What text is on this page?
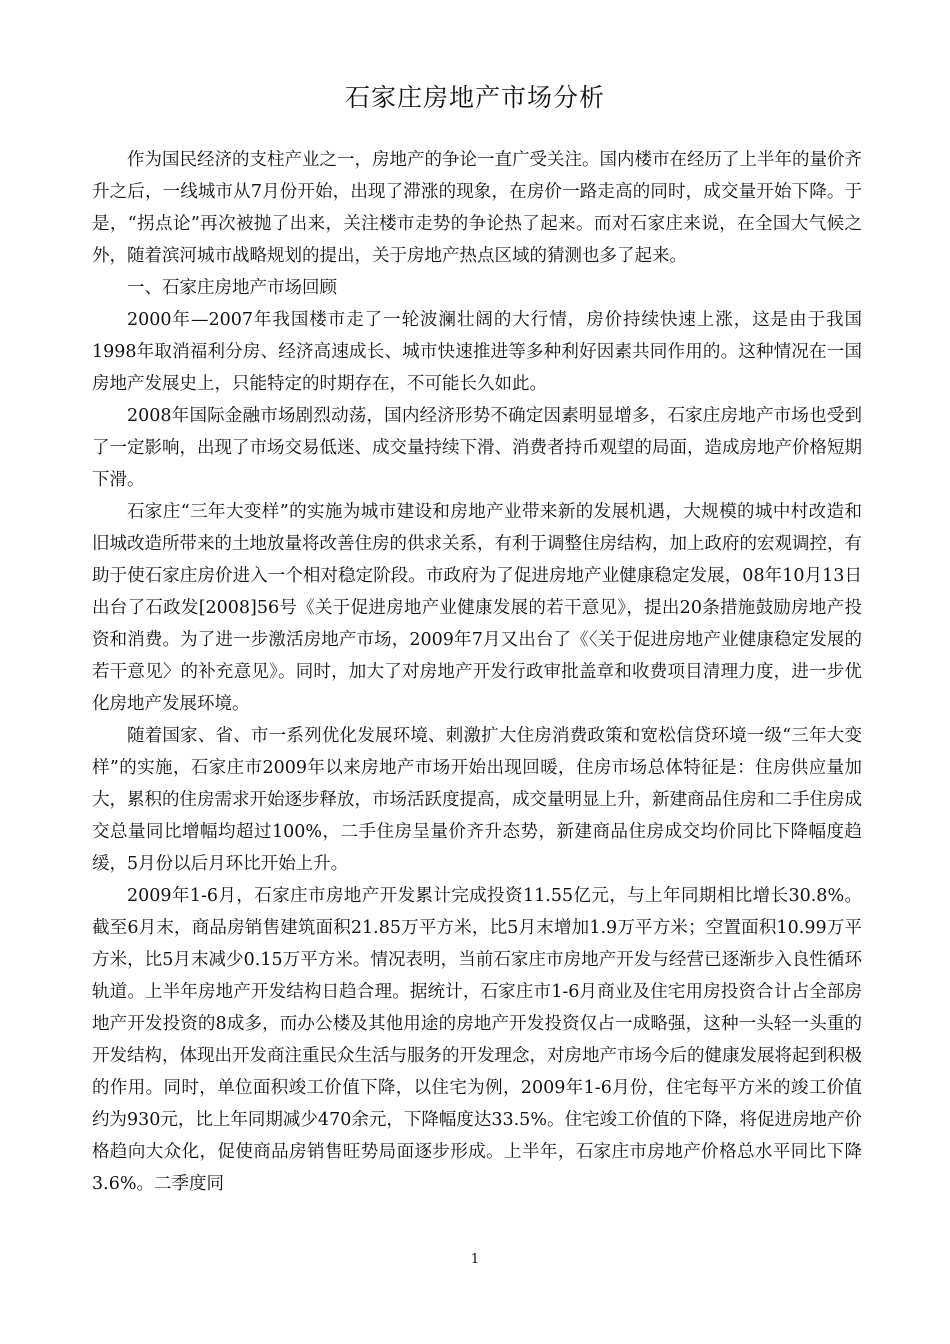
石家庄房地产市场分析

作为国民经济的支柱产业之一，房地产的争论一直广受关注。国内楼市在经历了上半年的量价齐升之后，一线城市从7月份开始，出现了滞涨的现象，在房价一路走高的同时，成交量开始下降。于是，“拐点论”再次被抛了出来，关注楼市走势的争论热了起来。而对石家庄来说，在全国大气候之外，随着滨河城市战略规划的提出，关于房地产热点区域的猜测也多了起来。

一、石家庄房地产市场回顾

2000年—2007年我国楼市走了一轮波澜壮阔的大行情，房价持续快速上涨，这是由于我国1998年取消福利分房、经济高速成长、城市快速推进等多种利好因素共同作用的。这种情况在一国房地产发展史上，只能特定的时期存在，不可能长久如此。

2008年国际金融市场剧烈动荡，国内经济形势不确定因素明显增多，石家庄房地产市场也受到了一定影响，出现了市场交易低迷、成交量持续下滑、消费者持币观望的局面，造成房地产价格短期下滑。

石家庄“三年大变样”的实施为城市建设和房地产业带来新的发展机遇，大规模的城中村改造和旧城改造所带来的土地放量将改善住房的供求关系，有利于调整住房结构，加上政府的宏观调控，有助于使石家庄房价进入一个相对稳定阶段。市政府为了促进房地产业健康稳定发展，08年10月13日出台了石政发[2008]56号《关于促进房地产业健康发展的若干意见》，提出20条措施鼓励房地产投资和消费。为了进一步激活房地产市场，2009年7月又出台了《〈关于促进房地产业健康稳定发展的若干意见〉的补充意见》。同时，加大了对房地产开发行政审批盖章和收费项目清理力度，进一步优化房地产发展环境。

随着国家、省、市一系列优化发展环境、刺激扩大住房消费政策和宽松信贷环境一级“三年大变样”的实施，石家庄市2009年以来房地产市场开始出现回暖，住房市场总体特征是：住房供应量加大，累积的住房需求开始逐步释放，市场活跃度提高，成交量明显上升，新建商品住房和二手住房成交总量同比增幅均超过100%，二手住房呈量价齐升态势，新建商品住房成交均价同比下降幅度趋缓，5月份以后月环比开始上升。

2009年1-6月，石家庄市房地产开发累计完成投资11.55亿元，与上年同期相比增长30.8%。截至6月末，商品房销售建筑面积21.85万平方米，比5月末增加1.9万平方米；空置面积10.99万平方米，比5月末减少0.15万平方米。情况表明，当前石家庄市房地产开发与经营已逐渐步入良性循环轨道。上半年房地产开发结构日趋合理。据统计，石家庄市1-6月商业及住宅用房投资合计占全部房地产开发投资的8成多，而办公楼及其他用途的房地产开发投资仅占一成略强，这种一头轻一头重的开发结构，体现出开发商注重民众生活与服务的开发理念，对房地产市场今后的健康发展将起到积极的作用。同时，单位面积竣工价值下降，以住宅为例，2009年1-6月份，住宅每平方米的竣工价值约为930元，比上年同期减少470余元，下降幅度达33.5%。住宅竣工价值的下降，将促进房地产价格趋向大众化，促使商品房销售旺势局面逐步形成。上半年，石家庄市房地产价格总水平同比下降3.6%。二季度同

1
